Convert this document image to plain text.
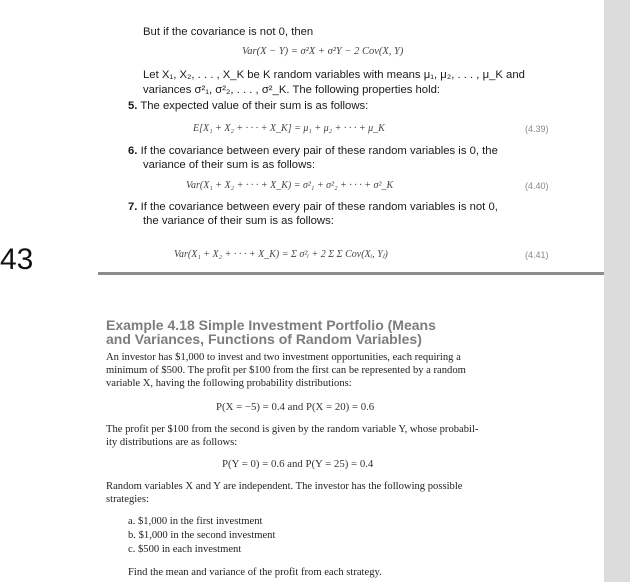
43
But if the covariance is not 0, then
Var(X − Y) = σ²X + σ²Y − 2 Cov(X, Y)
Let X₁, X₂, . . . , X_K be K random variables with means μ₁, μ₂, . . . , μ_K and
variances σ²₁, σ²₂, . . . , σ²_K. The following properties hold:
5. The expected value of their sum is as follows:
E[X₁ + X₂ + · · · + X_K] = μ₁ + μ₂ + · · · + μ_K	(4.39)
6. If the covariance between every pair of these random variables is 0, the
variance of their sum is as follows:
Var(X₁ + X₂ + · · · + X_K) = σ²₁ + σ²₂ + · · · + σ²_K	(4.40)
7. If the covariance between every pair of these random variables is not 0,
the variance of their sum is as follows:
Var(X₁ + X₂ + · · · + X_K) = Σ σ²ᵢ + 2 Σ Σ Cov(Xᵢ, Yⱼ)	(4.41)
Example 4.18 Simple Investment Portfolio (Means
and Variances, Functions of Random Variables)
An investor has $1,000 to invest and two investment opportunities, each requiring a
minimum of $500. The profit per $100 from the first can be represented by a random
variable X, having the following probability distributions:
P(X = −5) = 0.4 and P(X = 20) = 0.6
The profit per $100 from the second is given by the random variable Y, whose probabil-
ity distributions are as follows:
P(Y = 0) = 0.6 and P(Y = 25) = 0.4
Random variables X and Y are independent. The investor has the following possible
strategies:
a. $1,000 in the first investment
b. $1,000 in the second investment
c. $500 in each investment
Find the mean and variance of the profit from each strategy.
